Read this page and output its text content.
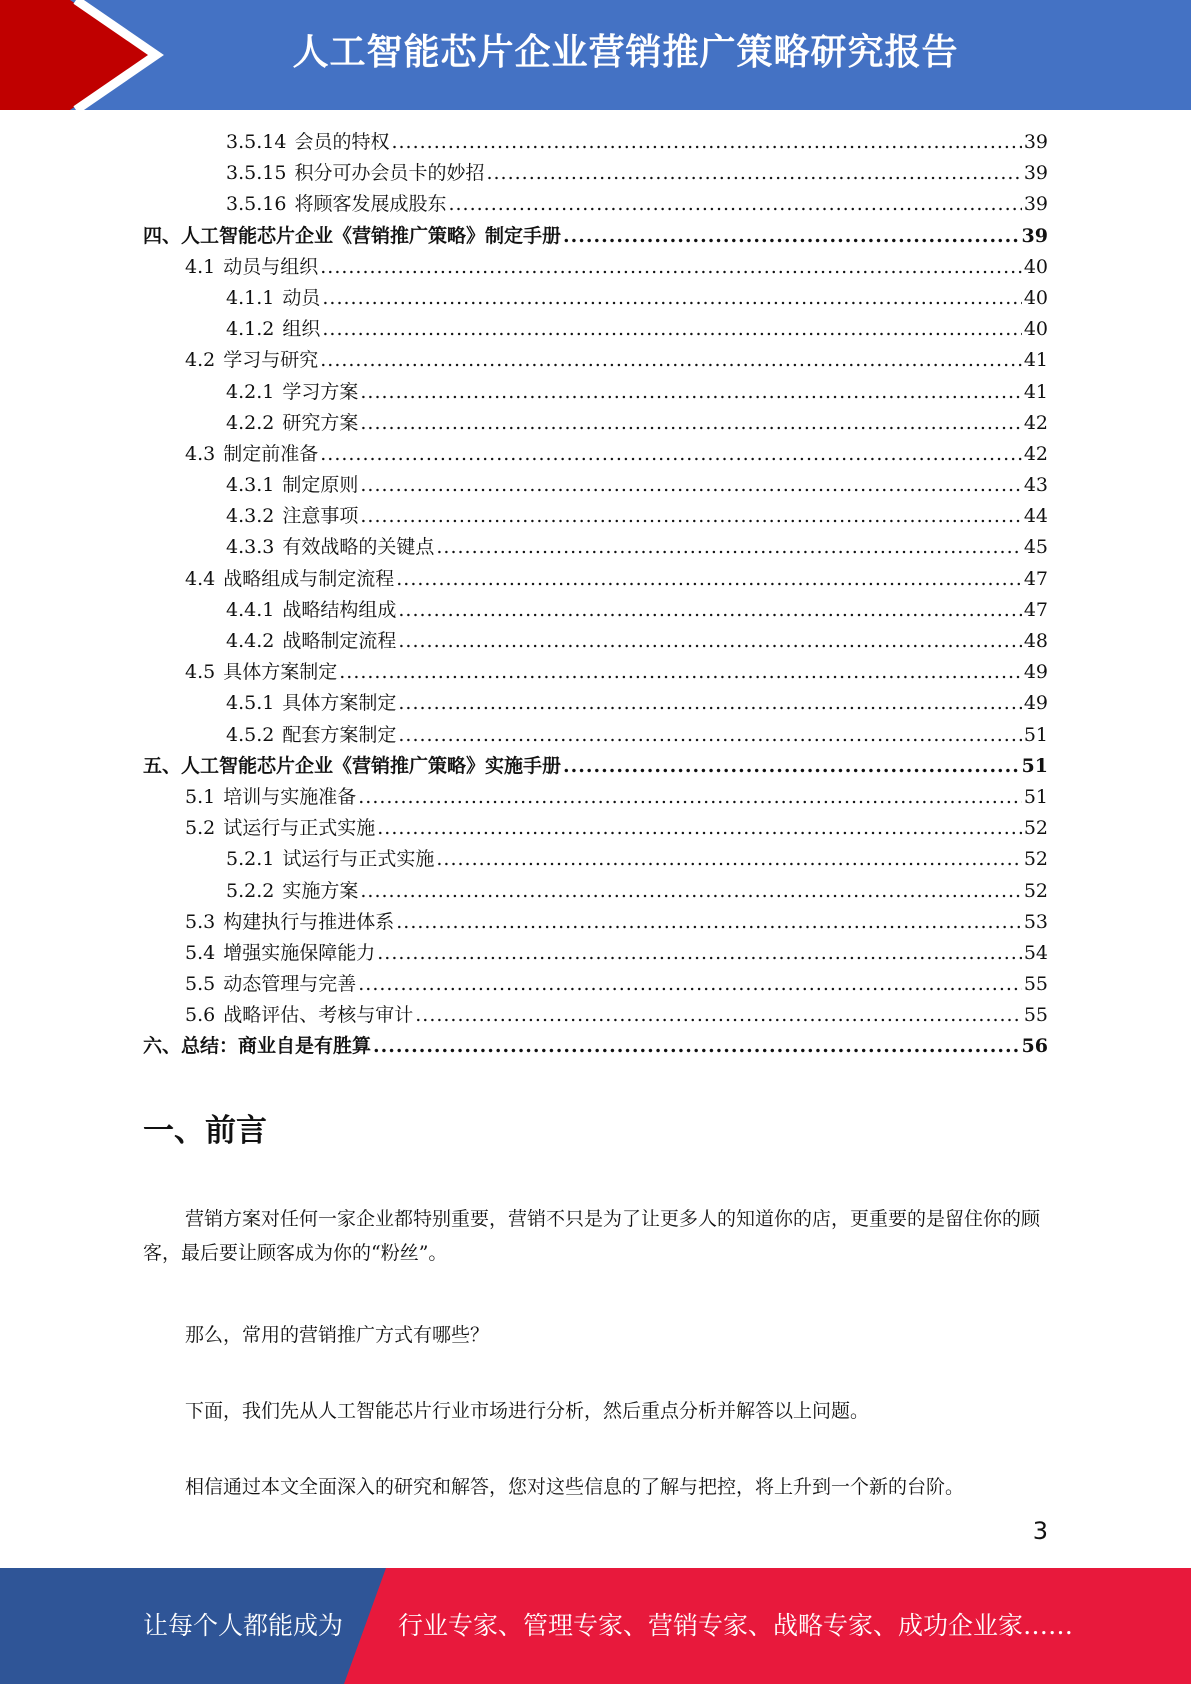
人工智能芯片企业营销推广策略研究报告
3.5.14 会员的特权 .....	39
3.5.15 积分可办会员卡的妙招 .....	39
3.5.16 将顾客发展成股东 .....	39
四、人工智能芯片企业《营销推广策略》制定手册 .....	39
4.1 动员与组织 .....	40
4.1.1 动员 .....	40
4.1.2 组织 .....	40
4.2 学习与研究 .....	41
4.2.1 学习方案 .....	41
4.2.2 研究方案 .....	42
4.3 制定前准备 .....	42
4.3.1 制定原则 .....	43
4.3.2 注意事项 .....	44
4.3.3 有效战略的关键点 .....	45
4.4 战略组成与制定流程 .....	47
4.4.1 战略结构组成 .....	47
4.4.2 战略制定流程 .....	48
4.5 具体方案制定 .....	49
4.5.1 具体方案制定 .....	49
4.5.2 配套方案制定 .....	51
五、人工智能芯片企业《营销推广策略》实施手册 .....	51
5.1 培训与实施准备 .....	51
5.2 试运行与正式实施 .....	52
5.2.1 试运行与正式实施 .....	52
5.2.2 实施方案 .....	52
5.3 构建执行与推进体系 .....	53
5.4 增强实施保障能力 .....	54
5.5 动态管理与完善 .....	55
5.6 战略评估、考核与审计 .....	55
六、总结：商业自是有胜算 .....	56
一、前言

营销方案对任何一家企业都特别重要，营销不只是为了让更多人的知道你的店，更重要的是留住你的顾客，最后要让顾客成为你的“粉丝”。

那么，常用的营销推广方式有哪些？

下面，我们先从人工智能芯片行业市场进行分析，然后重点分析并解答以上问题。

相信通过本文全面深入的研究和解答，您对这些信息的了解与把控，将上升到一个新的台阶。

3
让每个人都能成为 行业专家、管理专家、营销专家、战略专家、成功企业家……
